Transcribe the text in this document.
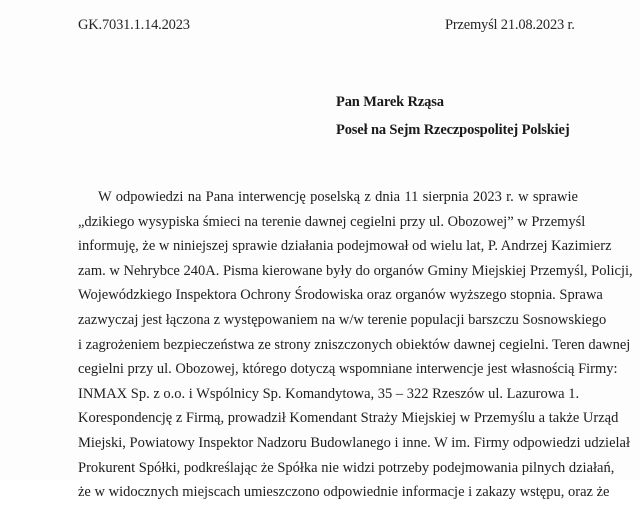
GK.7031.1.14.2023	Przemyśl 21.08.2023 r.
Pan Marek Rząsa
Poseł na Sejm Rzeczpospolitej Polskiej
W odpowiedzi na Pana interwencję poselską z dnia 11 sierpnia 2023 r. w sprawie
„dzikiego wysypiska śmieci na terenie dawnej cegielni przy ul. Obozowej” w Przemyśl
informuję, że w niniejszej sprawie działania podejmował od wielu lat, P. Andrzej Kazimierz
zam. w Nehrybce 240A. Pisma kierowane były do organów Gminy Miejskiej Przemyśl, Policji,
Wojewódzkiego Inspektora Ochrony Środowiska oraz organów wyższego stopnia. Sprawa
zazwyczaj jest łączona z występowaniem na w/w terenie populacji barszczu Sosnowskiego
i zagrożeniem bezpieczeństwa ze strony zniszczonych obiektów dawnej cegielni. Teren dawnej
cegielni przy ul. Obozowej, którego dotyczą wspomniane interwencje jest własnością Firmy:
INMAX Sp. z o.o. i Wspólnicy Sp. Komandytowa, 35 – 322 Rzeszów ul. Lazurowa 1.
Korespondencję z Firmą, prowadził Komendant Straży Miejskiej w Przemyślu a także Urząd
Miejski, Powiatowy Inspektor Nadzoru Budowlanego i inne. W im. Firmy odpowiedzi udzielał
Prokurent Spółki, podkreślając że Spółka nie widzi potrzeby podejmowania pilnych działań,
że w widocznych miejscach umieszczono odpowiednie informacje i zakazy wstępu, oraz że
